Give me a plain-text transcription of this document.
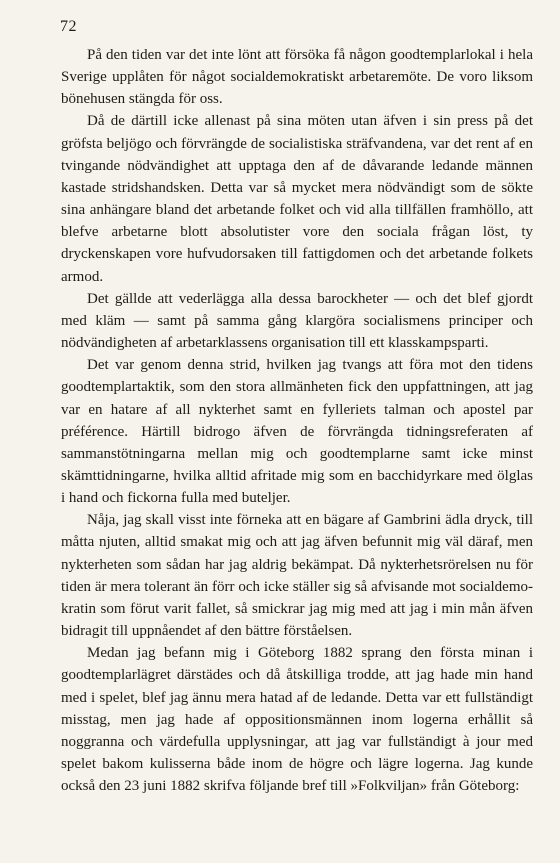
72

På den tiden var det inte lönt att försöka få någon goodtemplarlokal i hela Sverige upplåten för något socialdemokratiskt arbetaremöte. De voro liksom bönehusen stängda för oss.

Då de därtill icke allenast på sina möten utan äfven i sin press på det gröfsta beljögo och förvrängde de socialistiska sträfvandena, var det rent af en tvingande nödvändighet att upptaga den af de dåvarande ledande männen kastade stridshandsken. Detta var så mycket mera nödvändigt som de sökte sina anhängare bland det arbetande folket och vid alla tillfällen framhöllo, att blefve arbetarne blott absolutister vore den sociala frågan löst, ty dryckenskapen vore hufvudorsaken till fattigdomen och det arbetande folkets armod.

Det gällde att vederlägga alla dessa barockheter — och det blef gjordt med kläm — samt på samma gång klargöra socialismens principer och nödvändigheten af arbetarklassens organisation till ett klasskampsparti.

Det var genom denna strid, hvilken jag tvangs att föra mot den tidens goodtemplartaktik, som den stora allmänheten fick den uppfattningen, att jag var en hatare af all nykterhet samt en fylleriets talman och apostel par préférence. Härtill bidrogo äfven de förvrängda tidningsreferaten af sammanstötningarna mellan mig och goodtemplarne samt icke minst skämttidningarne, hvilka alltid afritade mig som en bacchidyrkare med ölglas i hand och fickorna fulla med buteljer.

Nåja, jag skall visst inte förneka att en bägare af Gambrini ädla dryck, till måtta njuten, alltid smakat mig och att jag äfven befunnit mig väl däraf, men nykterheten som sådan har jag aldrig bekämpat. Då nykterhetsrörelsen nu för tiden är mera tolerant än förr och icke ställer sig så afvisande mot socialdemokratin som förut varit fallet, så smickrar jag mig med att jag i min mån äfven bidragit till uppnåendet af den bättre förståelsen.

Medan jag befann mig i Göteborg 1882 sprang den första minan i goodtemplarlägret därstädes och då åtskilliga trodde, att jag hade min hand med i spelet, blef jag ännu mera hatad af de ledande. Detta var ett fullständigt misstag, men jag hade af oppositionsmännen inom logerna erhållit så noggranna och värdefulla upplysningar, att jag var fullständigt à jour med spelet bakom kulisserna både inom de högre och lägre logerna. Jag kunde också den 23 juni 1882 skrifva följande bref till »Folkviljan» från Göteborg:
